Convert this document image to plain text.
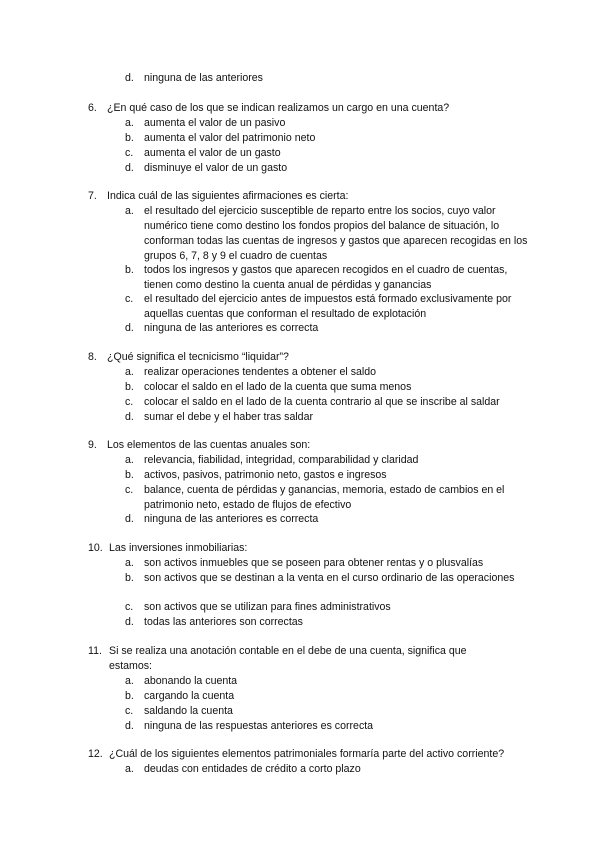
d. ninguna de las anteriores
6. ¿En qué caso de los que se indican realizamos un cargo en una cuenta?
a. aumenta el valor de un pasivo
b. aumenta el valor del patrimonio neto
c. aumenta el valor de un gasto
d. disminuye el valor de un gasto
7. Indica cuál de las siguientes afirmaciones es cierta:
a. el resultado del ejercicio susceptible de reparto entre los socios, cuyo valor numérico tiene como destino los fondos propios del balance de situación, lo conforman todas las cuentas de ingresos y gastos que aparecen recogidas en los grupos 6, 7, 8 y 9 el cuadro de cuentas
b. todos los ingresos y gastos que aparecen recogidos en el cuadro de cuentas, tienen como destino la cuenta anual de pérdidas y ganancias
c. el resultado del ejercicio antes de impuestos está formado exclusivamente por aquellas cuentas que conforman el resultado de explotación
d. ninguna de las anteriores es correcta
8. ¿Qué significa el tecnicismo “liquidar”?
a. realizar operaciones tendentes a obtener el saldo
b. colocar el saldo en el lado de la cuenta que suma menos
c. colocar el saldo en el lado de la cuenta contrario al que se inscribe al saldar
d. sumar el debe y el haber tras saldar
9. Los elementos de las cuentas anuales son:
a. relevancia, fiabilidad, integridad, comparabilidad y claridad
b. activos, pasivos, patrimonio neto, gastos e ingresos
c. balance, cuenta de pérdidas y ganancias, memoria, estado de cambios en el patrimonio neto, estado de flujos de efectivo
d. ninguna de las anteriores es correcta
10. Las inversiones inmobiliarias:
a. son activos inmuebles que se poseen para obtener rentas y o plusvalías
b. son activos que se destinan a la venta en el curso ordinario de las operaciones
c. son activos que se utilizan para fines administrativos
d. todas las anteriores son correctas
11. Si se realiza una anotación contable en el debe de una cuenta, significa que estamos:
a. abonando la cuenta
b. cargando la cuenta
c. saldando la cuenta
d. ninguna de las respuestas anteriores es correcta
12. ¿Cuál de los siguientes elementos patrimoniales formaría parte del activo corriente?
a. deudas con entidades de crédito a corto plazo
